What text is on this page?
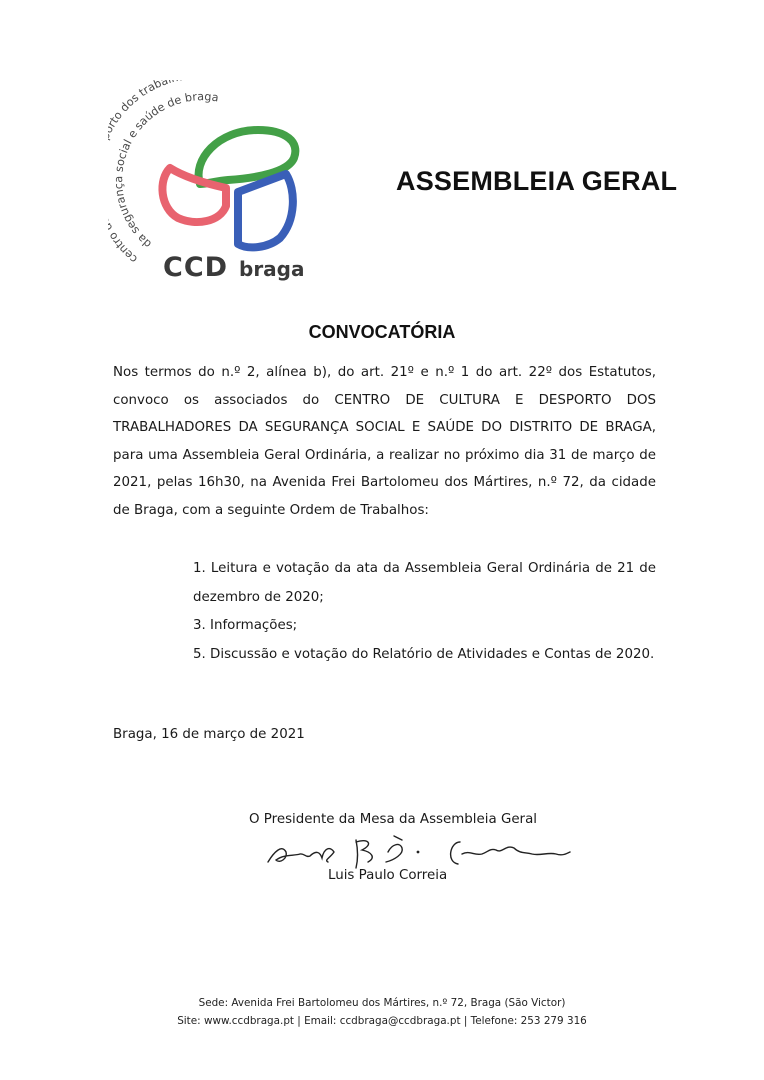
centr to dos traba
da segurança social e saúde de braga
CCD braga
ASSEMBLEIA GERAL
CONVOCATÓRIA
Nos termos do n.º 2, alínea b), do art. 21º e n.º 1 do art. 22º dos Estatutos, convoco os associados do CENTRO DE CULTURA E DESPORTO DOS TRABALHADORES DA SEGURANÇA SOCIAL E SAÚDE DO DISTRITO DE BRAGA, para uma Assembleia Geral Ordinária, a realizar no próximo dia 31 de março de 2021, pelas 16h30, na Avenida Frei Bartolomeu dos Mártires, n.º 72, da cidade de Braga, com a seguinte Ordem de Trabalhos:
1. Leitura e votação da ata da Assembleia Geral Ordinária de 21 de dezembro de 2020;
3. Informações;
5. Discussão e votação do Relatório de Atividades e Contas de 2020.
Braga, 16 de março de 2021
O Presidente da Mesa da Assembleia Geral
Luis Paulo Correia
Sede: Avenida Frei Bartolomeu dos Mártires, n.º 72, Braga (São Victor)
Site: www.ccdbraga.pt | Email: ccdbraga@ccdbraga.pt | Telefone: 253 279 316
